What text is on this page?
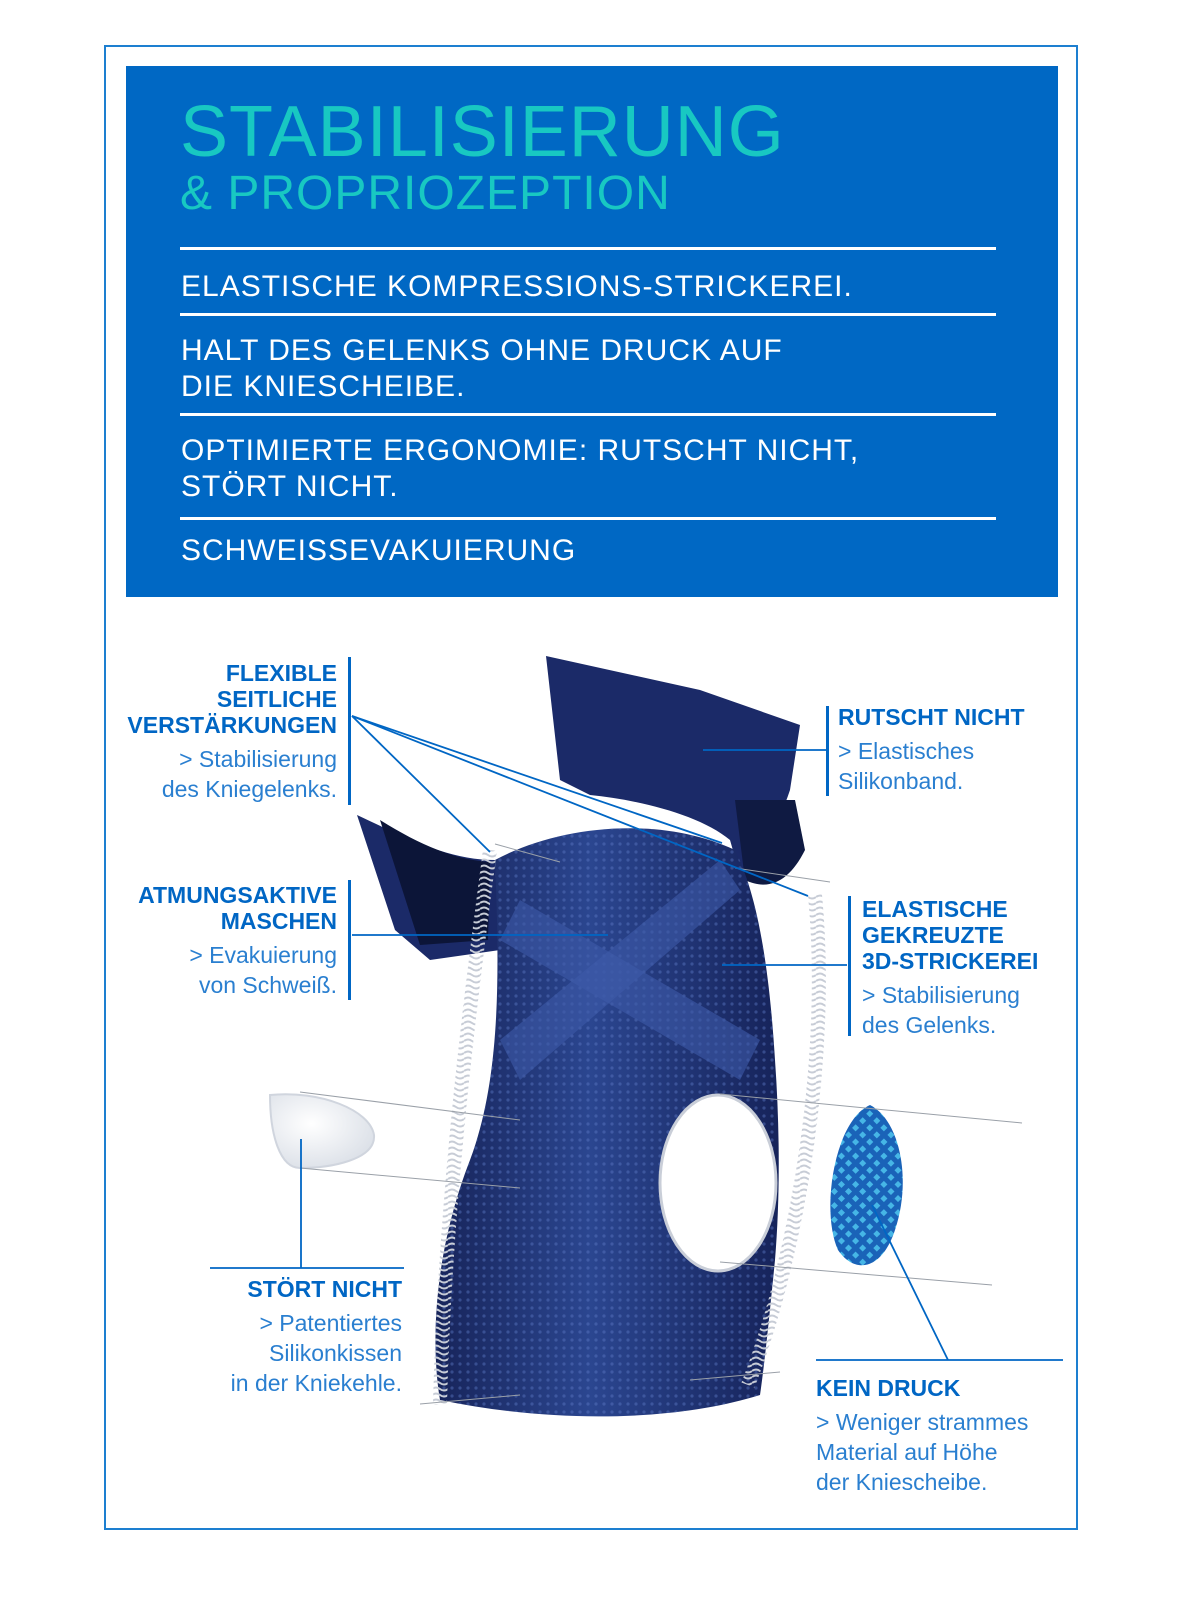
STABILISIERUNG
& PROPRIOZEPTION

ELASTISCHE KOMPRESSIONS-STRICKEREI.

HALT DES GELENKS OHNE DRUCK AUF
DIE KNIESCHEIBE.

OPTIMIERTE ERGONOMIE: RUTSCHT NICHT,
STÖRT NICHT.

SCHWEISSEVAKUIERUNG

FLEXIBLE
SEITLICHE
VERSTÄRKUNGEN

> Stabilisierung
des Kniegelenks.

ATMUNGSAKTIVE
MASCHEN

> Evakuierung
von Schweiß.

RUTSCHT NICHT

> Elastisches
Silikonband.

ELASTISCHE
GEKREUZTE
3D-STRICKEREI

> Stabilisierung
des Gelenks.

STÖRT NICHT

> Patentiertes
Silikonkissen
in der Kniekehle.	KEIN DRUCK

> Weniger strammes
Material auf Höhe
der Kniescheibe.
